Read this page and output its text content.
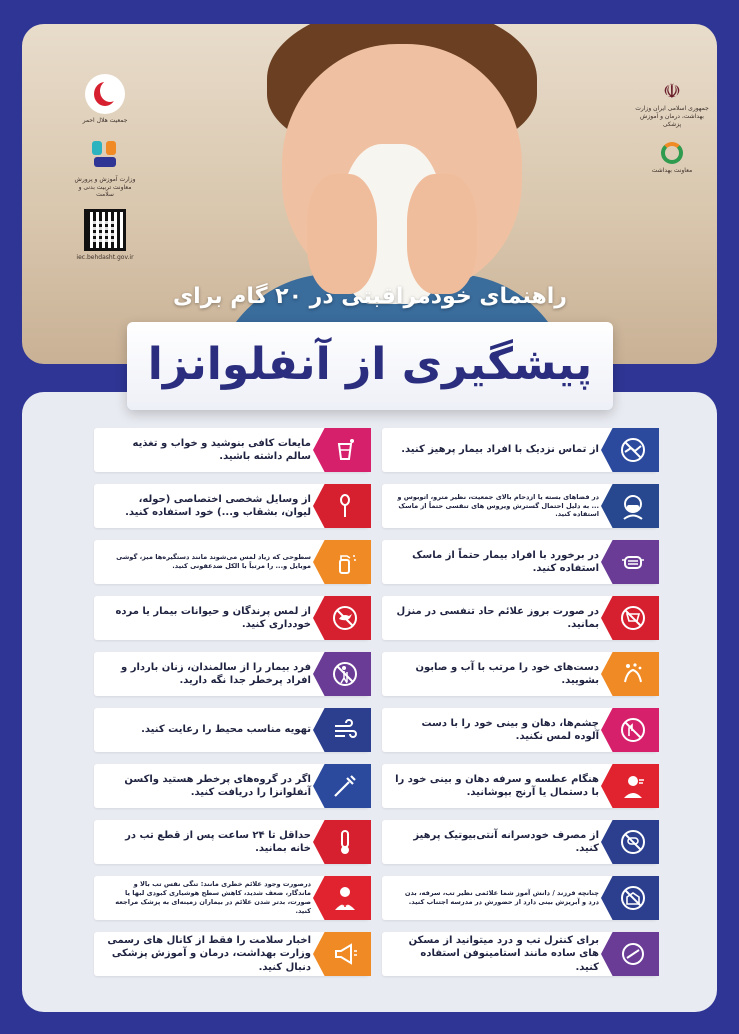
جمعیت هلال احمر
وزارت آموزش و پرورش معاونت تربیت بدنی و سلامت
iec.behdasht.gov.ir
☫
جمهوری اسلامی ایران وزارت بهداشت، درمان و آموزش پزشکی
معاونت بهداشت
راهنمای خودمراقبتی در ۲۰ گام برای
پیشگیری از آنفلوانزا
از تماس نزدیک با افراد بیمار پرهیز کنید.
در فضاهای بسته یا ازدحام بالای جمعیت، نظیر مترو، اتوبوس و ... به دلیل احتمال گسترش ویروس های تنفسی حتماً از ماسک استفاده کنید.
در برخورد با افراد بیمار حتماً از ماسک استفاده کنید.
در صورت بروز علائم حاد تنفسی در منزل بمانید.
دست‌های خود را مرتب با آب و صابون بشویید.
چشم‌ها، دهان و بینی خود را با دست آلوده لمس نکنید.
هنگام عطسه و سرفه دهان و بینی خود را با دستمال یا آرنج بپوشانید.
از مصرف خودسرانه آنتی‌بیوتیک پرهیز کنید.
چنانچه فرزند / دانش آموز شما علائمی نظیر تب، سرفه، بدن درد و آبریزش بینی دارد از حضورش در مدرسه اجتناب کنید.
برای کنترل تب و درد میتوانید از مسکن های ساده مانند استامینوفن استفاده کنید.
مایعات کافی بنوشید و خواب و تغذیه سالم داشته باشید.
از وسایل شخصی اختصاصی (حوله، لیوان، بشقاب و...) خود استفاده کنید.
سطوحی که زیاد لمس می‌شوند مانند دستگیره‌ها میز، گوشی موبایل و... را مرتباً با الکل ضدعفونی کنید.
از لمس پرندگان و حیوانات بیمار یا مرده خودداری کنید.
فرد بیمار را از سالمندان، زنان باردار و افراد پرخطر جدا نگه دارید.
تهویه مناسب محیط را رعایت کنید.
اگر در گروه‌های پرخطر هستید واکسن آنفلوانزا را دریافت کنید.
حداقل تا ۲۴ ساعت پس از قطع تب در خانه بمانید.
درصورت وجود علائم خطری مانند: تنگی نفس تب بالا و ماندگار، ضعف شدید، کاهش سطح هوشیاری کبودی لبها یا صورت، بدتر شدن علائم در بیماران زمینه‌ای به پزشک مراجعه کنید.
اخبار سلامت را فقط از کانال های رسمی وزارت بهداشت، درمان و آموزش پزشکی دنبال کنید.
